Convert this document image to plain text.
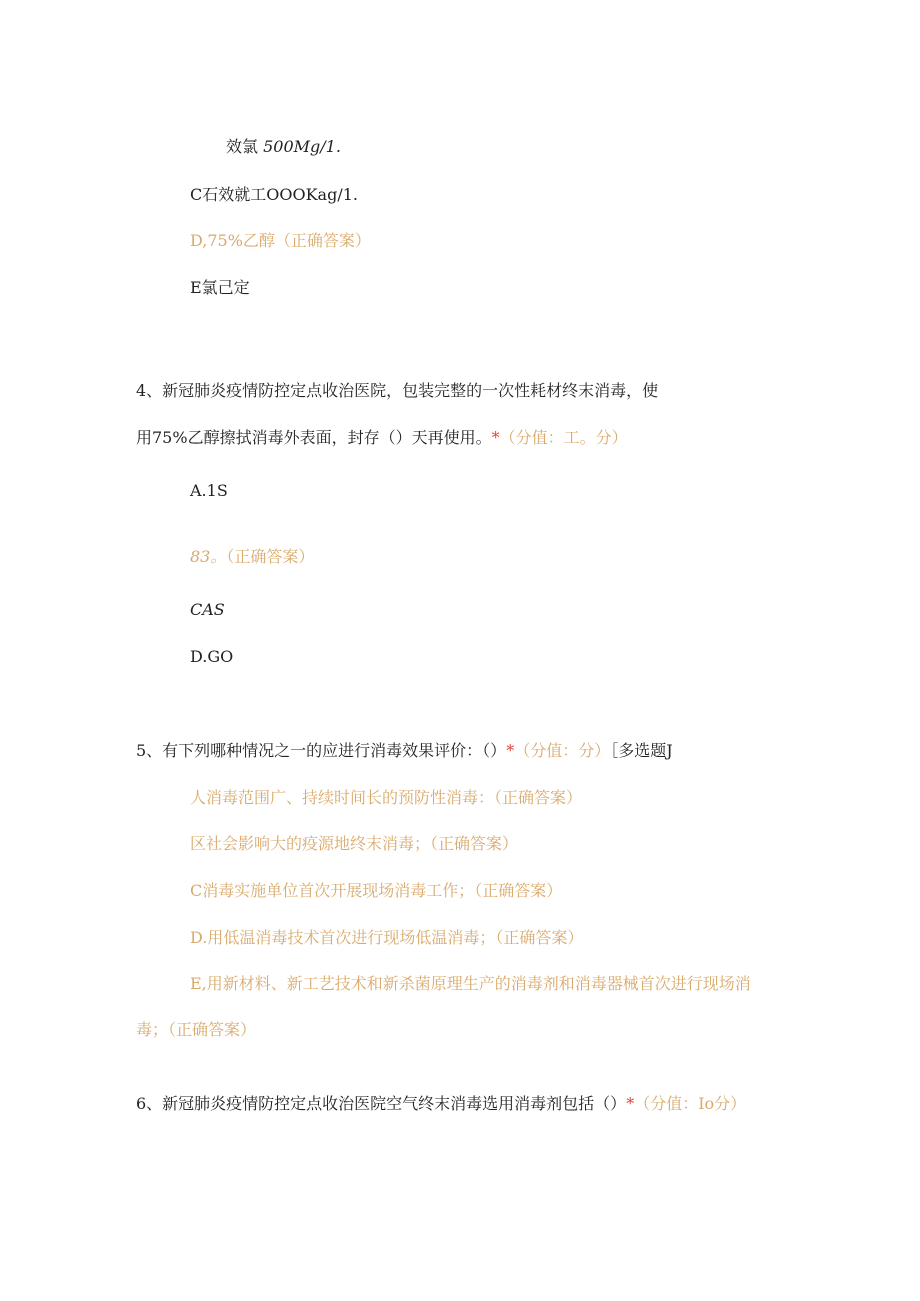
效氯 500Mg/1.
C石效就工OOOKag/1.
D,75%乙醇（正确答案）
E氯己定
4、新冠肺炎疫情防控定点收治医院，包装完整的一次性耗材终末消毒，使
用75%乙醇擦拭消毒外表面，封存（）天再使用。*（分值：工。分）
A.1S
83。（正确答案）
CAS
D.GO
5、有下列哪种情况之一的应进行消毒效果评价：（）*（分值：分）［多选题J
人消毒范围广、持续时间长的预防性消毒：（正确答案）
区社会影响大的疫源地终末消毒；（正确答案）
C消毒实施单位首次开展现场消毒工作；（正确答案）
D.用低温消毒技术首次进行现场低温消毒；（正确答案）
E,用新材料、新工艺技术和新杀菌原理生产的消毒剂和消毒器械首次进行现场消
毒；（正确答案）
6、新冠肺炎疫情防控定点收治医院空气终末消毒选用消毒剂包括（）*（分值：Io分）
